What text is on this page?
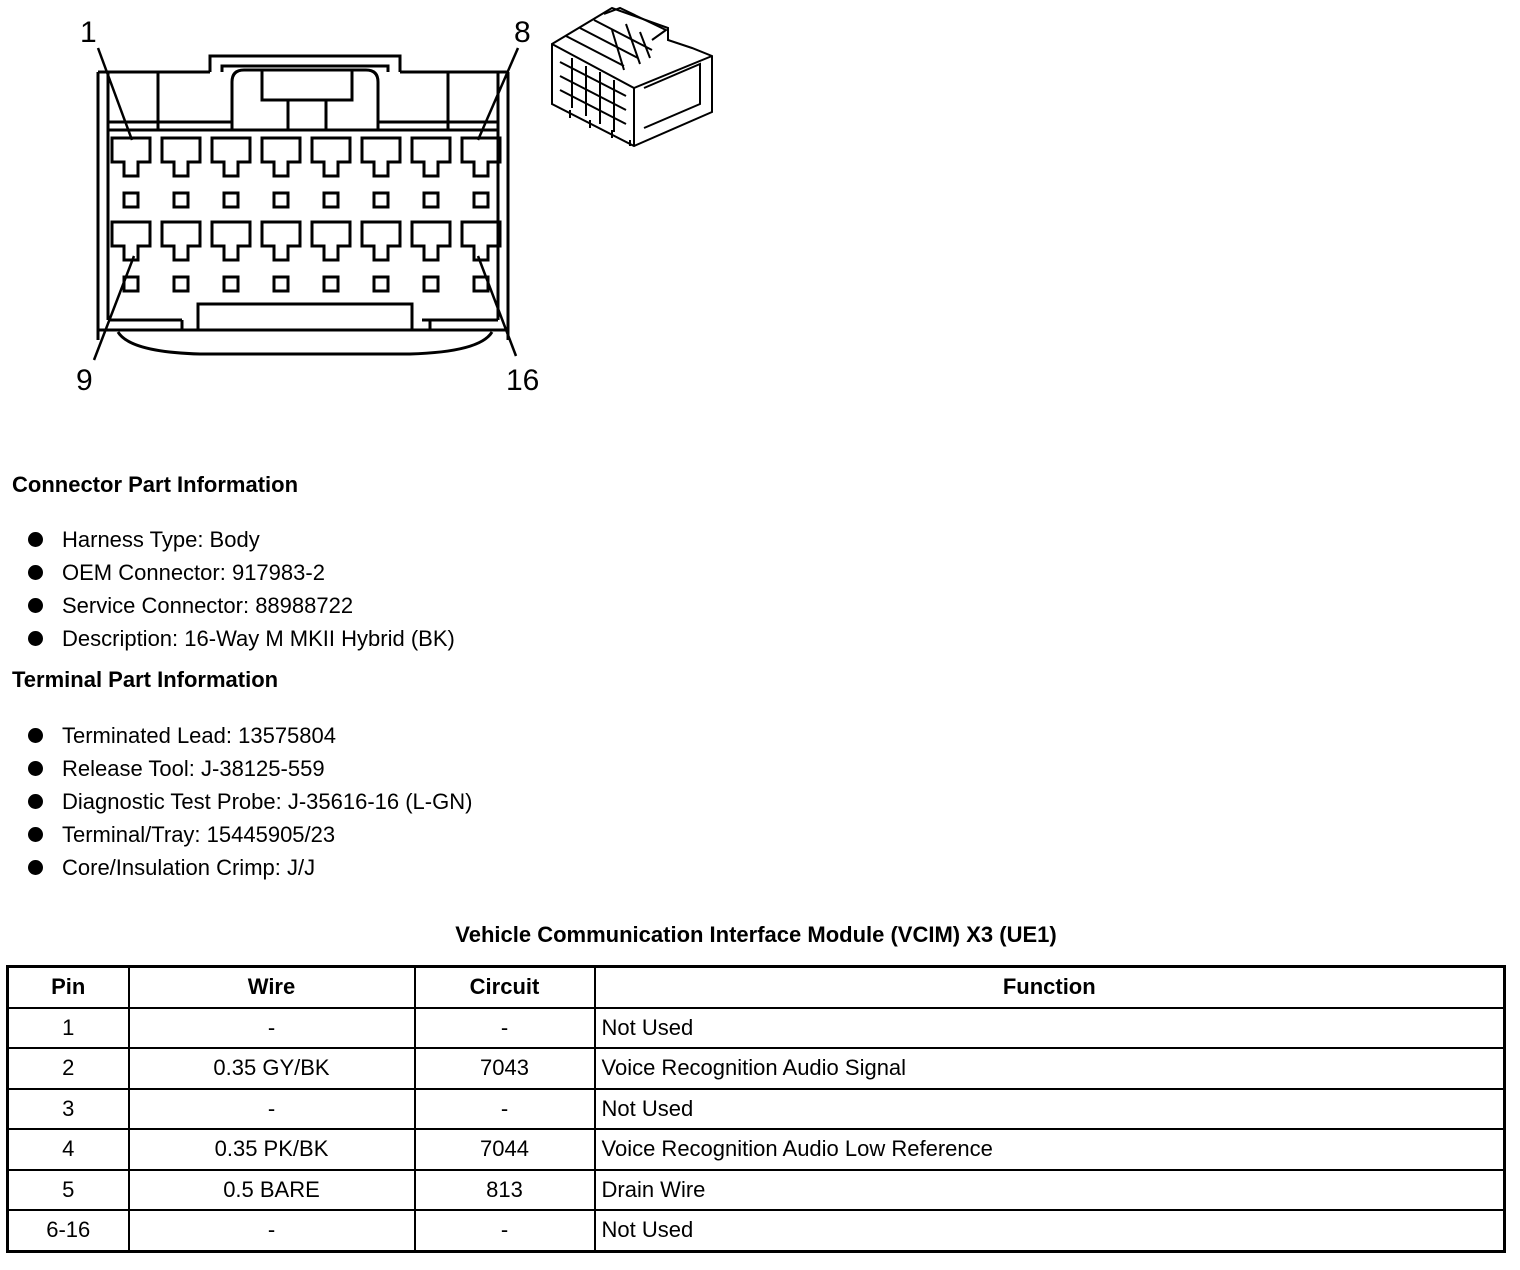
1	8
9	16
Connector Part Information
Harness Type: Body
OEM Connector: 917983-2
Service Connector: 88988722
Description: 16-Way M MKII Hybrid (BK)
Terminal Part Information
Terminated Lead: 13575804
Release Tool: J-38125-559
Diagnostic Test Probe: J-35616-16 (L-GN)
Terminal/Tray: 15445905/23
Core/Insulation Crimp: J/J
Vehicle Communication Interface Module (VCIM) X3 (UE1)
Pin	Wire	Circuit	Function
1	-	-	Not Used
2	0.35 GY/BK	7043	Voice Recognition Audio Signal
3	-	-	Not Used
4	0.35 PK/BK	7044	Voice Recognition Audio Low Reference
5	0.5 BARE	813	Drain Wire
6-16	-	-	Not Used
